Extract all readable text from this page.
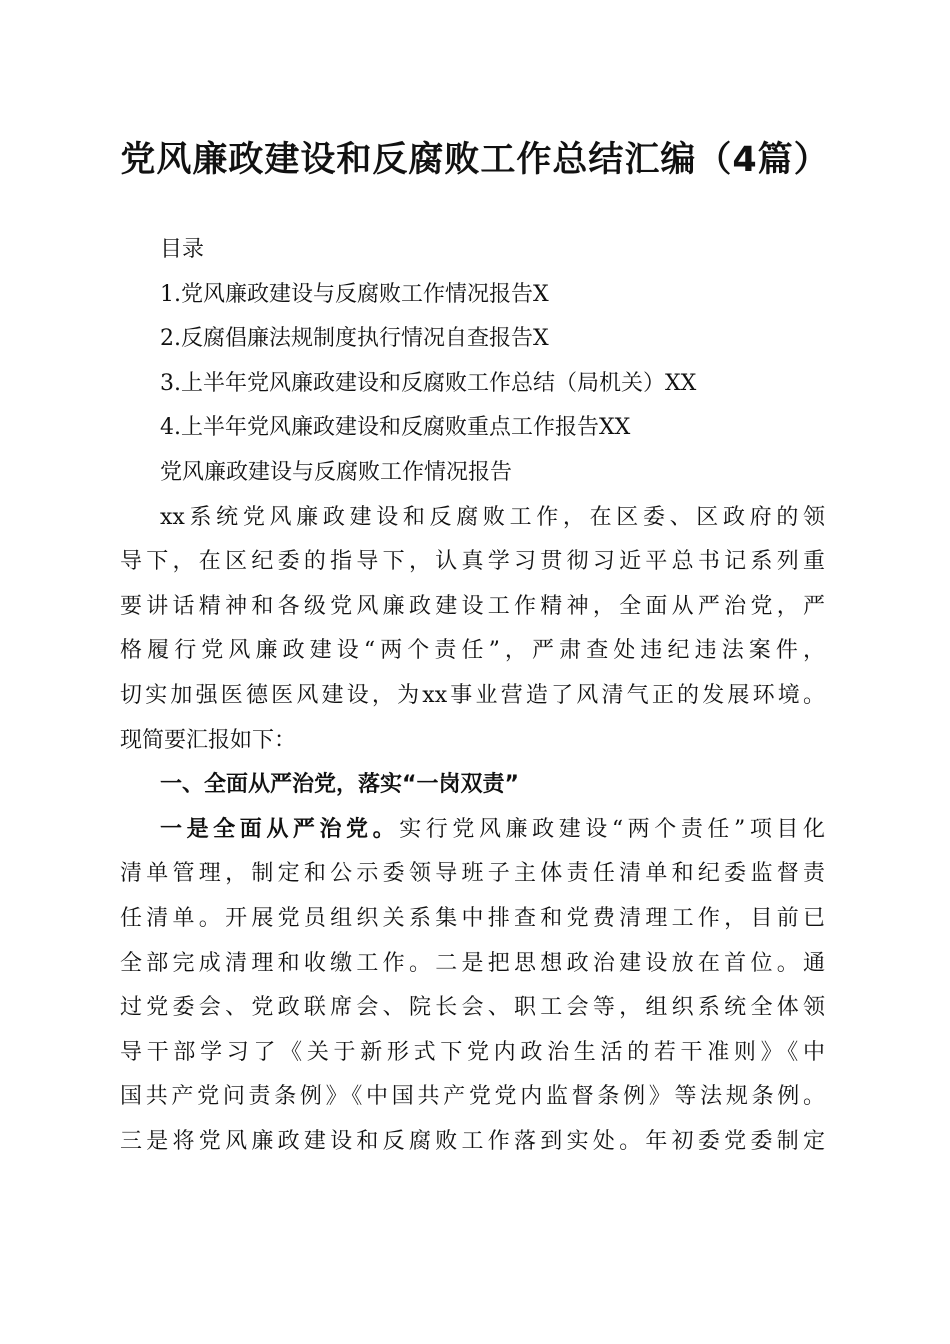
党风廉政建设和反腐败工作总结汇编（4篇）
目录
1.党风廉政建设与反腐败工作情况报告X
2.反腐倡廉法规制度执行情况自查报告X
3.上半年党风廉政建设和反腐败工作总结（局机关）XX
4.上半年党风廉政建设和反腐败重点工作报告XX
党风廉政建设与反腐败工作情况报告
xx系统党风廉政建设和反腐败工作，在区委、区政府的领
导下，在区纪委的指导下，认真学习贯彻习近平总书记系列重
要讲话精神和各级党风廉政建设工作精神，全面从严治党，严
格履行党风廉政建设“两个责任”，严肃查处违纪违法案件，
切实加强医德医风建设，为xx事业营造了风清气正的发展环境。
现简要汇报如下：
一、全面从严治党，落实“一岗双责”
一是全面从严治党。实行党风廉政建设“两个责任”项目化
清单管理，制定和公示委领导班子主体责任清单和纪委监督责
任清单。开展党员组织关系集中排查和党费清理工作，目前已
全部完成清理和收缴工作。二是把思想政治建设放在首位。通
过党委会、党政联席会、院长会、职工会等，组织系统全体领
导干部学习了《关于新形式下党内政治生活的若干准则》《中
国共产党问责条例》《中国共产党党内监督条例》等法规条例。
三是将党风廉政建设和反腐败工作落到实处。年初委党委制定
